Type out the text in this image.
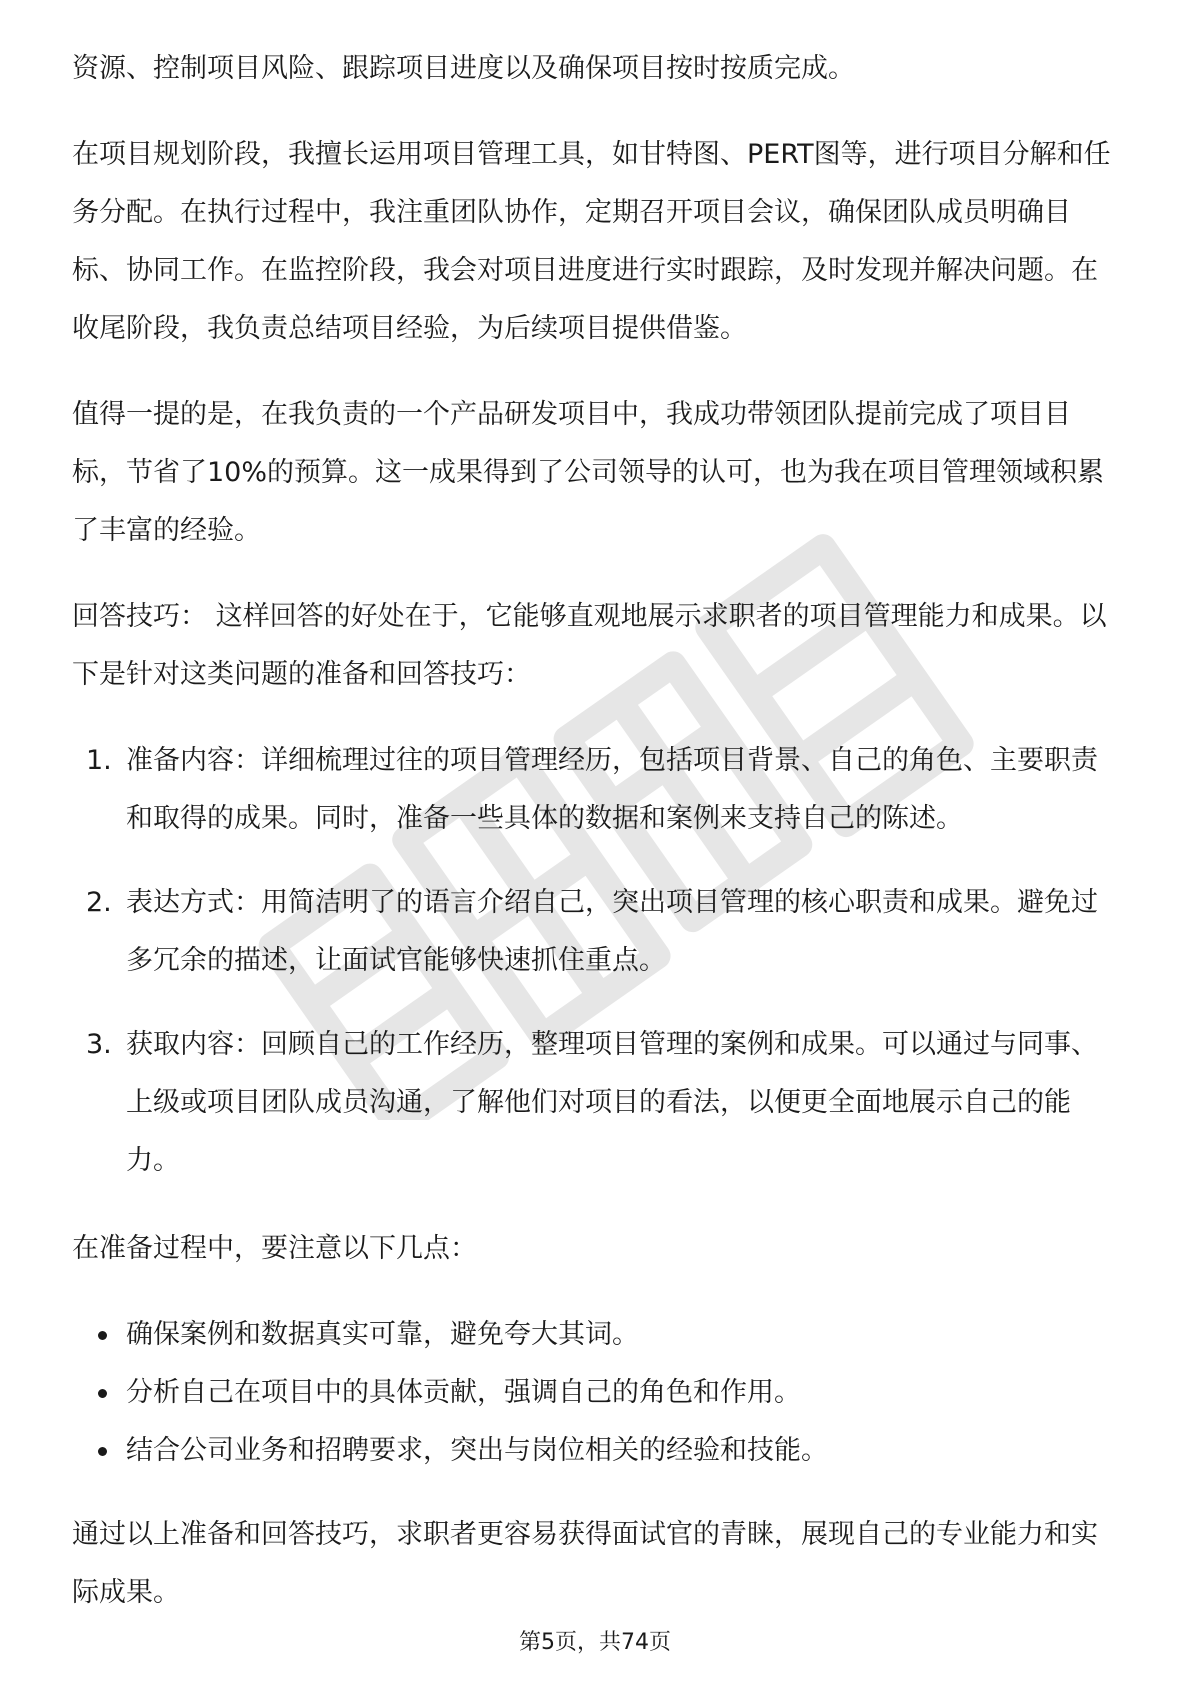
资源、控制项目风险、跟踪项目进度以及确保项目按时按质完成。

在项目规划阶段，我擅长运用项目管理工具，如甘特图、PERT图等，进行项目分解和任务分配。在执行过程中，我注重团队协作，定期召开项目会议，确保团队成员明确目标、协同工作。在监控阶段，我会对项目进度进行实时跟踪，及时发现并解决问题。在收尾阶段，我负责总结项目经验，为后续项目提供借鉴。

值得一提的是，在我负责的一个产品研发项目中，我成功带领团队提前完成了项目目标，节省了10%的预算。这一成果得到了公司领导的认可，也为我在项目管理领域积累了丰富的经验。

回答技巧： 这样回答的好处在于，它能够直观地展示求职者的项目管理能力和成果。以下是针对这类问题的准备和回答技巧：

1. 准备内容：详细梳理过往的项目管理经历，包括项目背景、自己的角色、主要职责和取得的成果。同时，准备一些具体的数据和案例来支持自己的陈述。
2. 表达方式：用简洁明了的语言介绍自己，突出项目管理的核心职责和成果。避免过多冗余的描述，让面试官能够快速抓住重点。
3. 获取内容：回顾自己的工作经历，整理项目管理的案例和成果。可以通过与同事、上级或项目团队成员沟通，了解他们对项目的看法，以便更全面地展示自己的能力。

在准备过程中，要注意以下几点：

确保案例和数据真实可靠，避免夸大其词。
分析自己在项目中的具体贡献，强调自己的角色和作用。
结合公司业务和招聘要求，突出与岗位相关的经验和技能。

通过以上准备和回答技巧，求职者更容易获得面试官的青睐，展现自己的专业能力和实际成果。

第5页，共74页
